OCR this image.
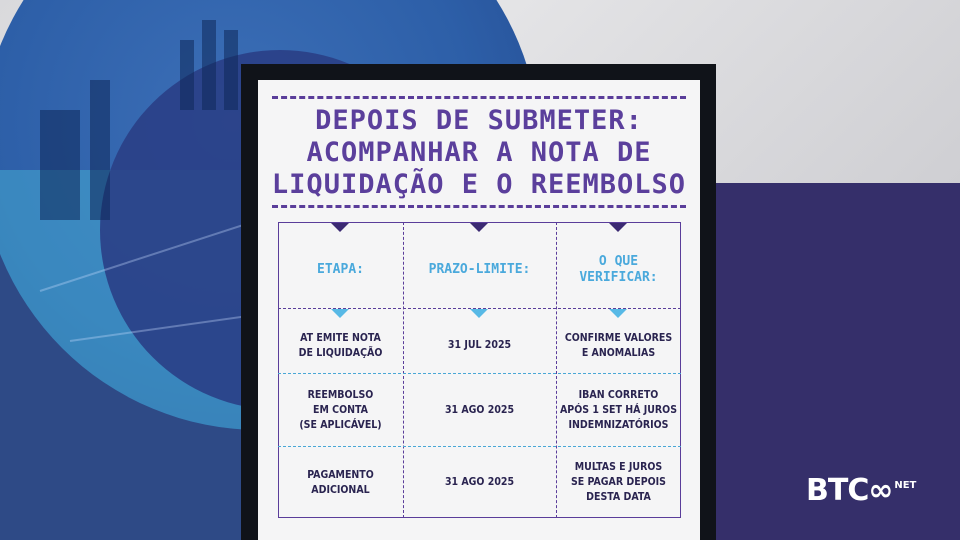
DEPOIS DE SUBMETER:
ACOMPANHAR A NOTA DE
LIQUIDAÇÃO E O REEMBOLSO
ETAPA:	PRAZO-LIMITE:
O QUE
VERIFICAR:
AT EMITE NOTA
DE LIQUIDAÇÃO
31 JUL 2025
CONFIRME VALORES
E ANOMALIAS
REEMBOLSO
EM CONTA
(SE APLICÁVEL)
31 AGO 2025
IBAN CORRETO
APÓS 1 SET HÁ JUROS
INDEMNIZATÓRIOS
PAGAMENTO
ADICIONAL
31 AGO 2025
MULTAS E JUROS
SE PAGAR DEPOIS
DESTA DATA	BTC∞ NET
